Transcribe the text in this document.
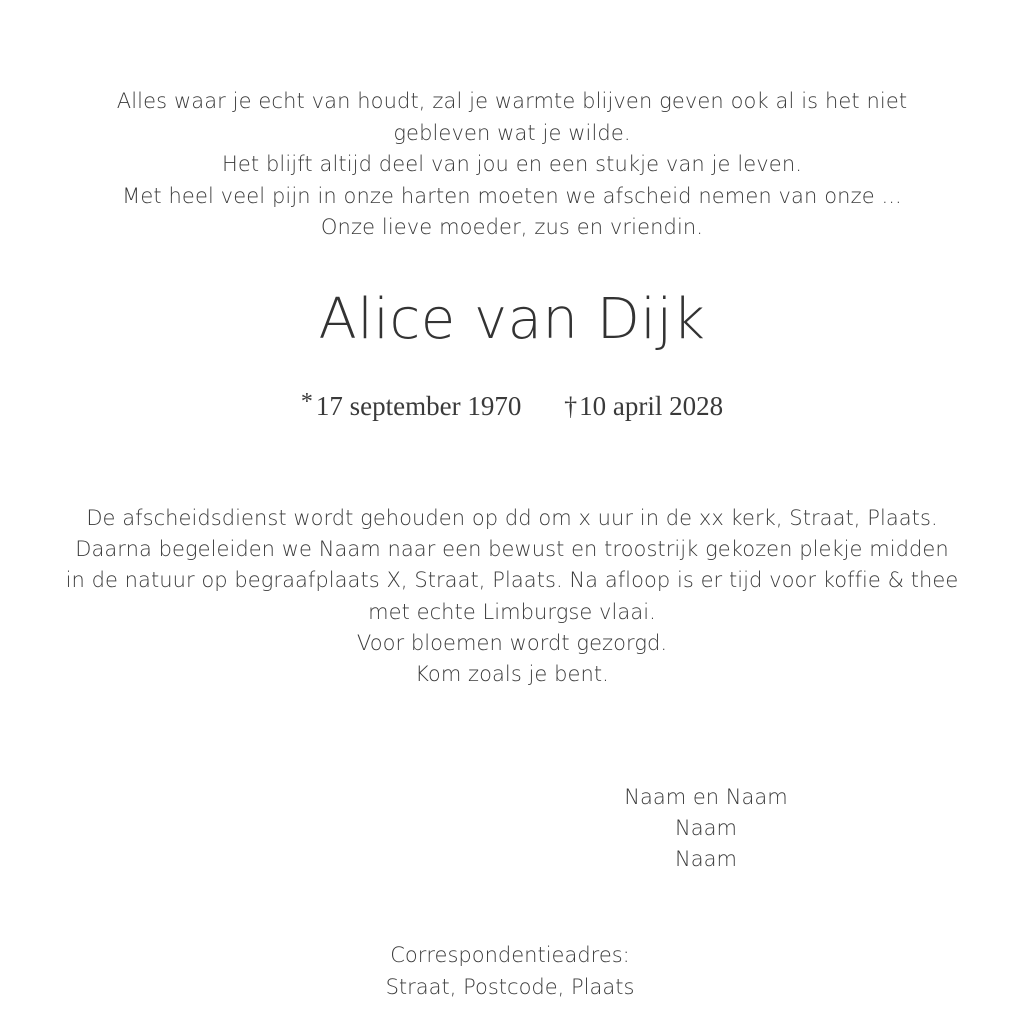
Alles waar je echt van houdt, zal je warmte blijven geven ook al is het niet
gebleven wat je wilde.
Het blijft altijd deel van jou en een stukje van je leven.
Met heel veel pijn in onze harten moeten we afscheid nemen van onze ...
Onze lieve moeder, zus en vriendin.
Alice van Dijk
* 17 september 1970 †10 april 2028
De afscheidsdienst wordt gehouden op dd om x uur in de xx kerk, Straat, Plaats.
Daarna begeleiden we Naam naar een bewust en troostrijk gekozen plekje midden
in de natuur op begraafplaats X, Straat, Plaats. Na afloop is er tijd voor koffie & thee
met echte Limburgse vlaai.
Voor bloemen wordt gezorgd.
Kom zoals je bent.
Naam en Naam
Naam
Naam
Correspondentieadres:
Straat, Postcode, Plaats
